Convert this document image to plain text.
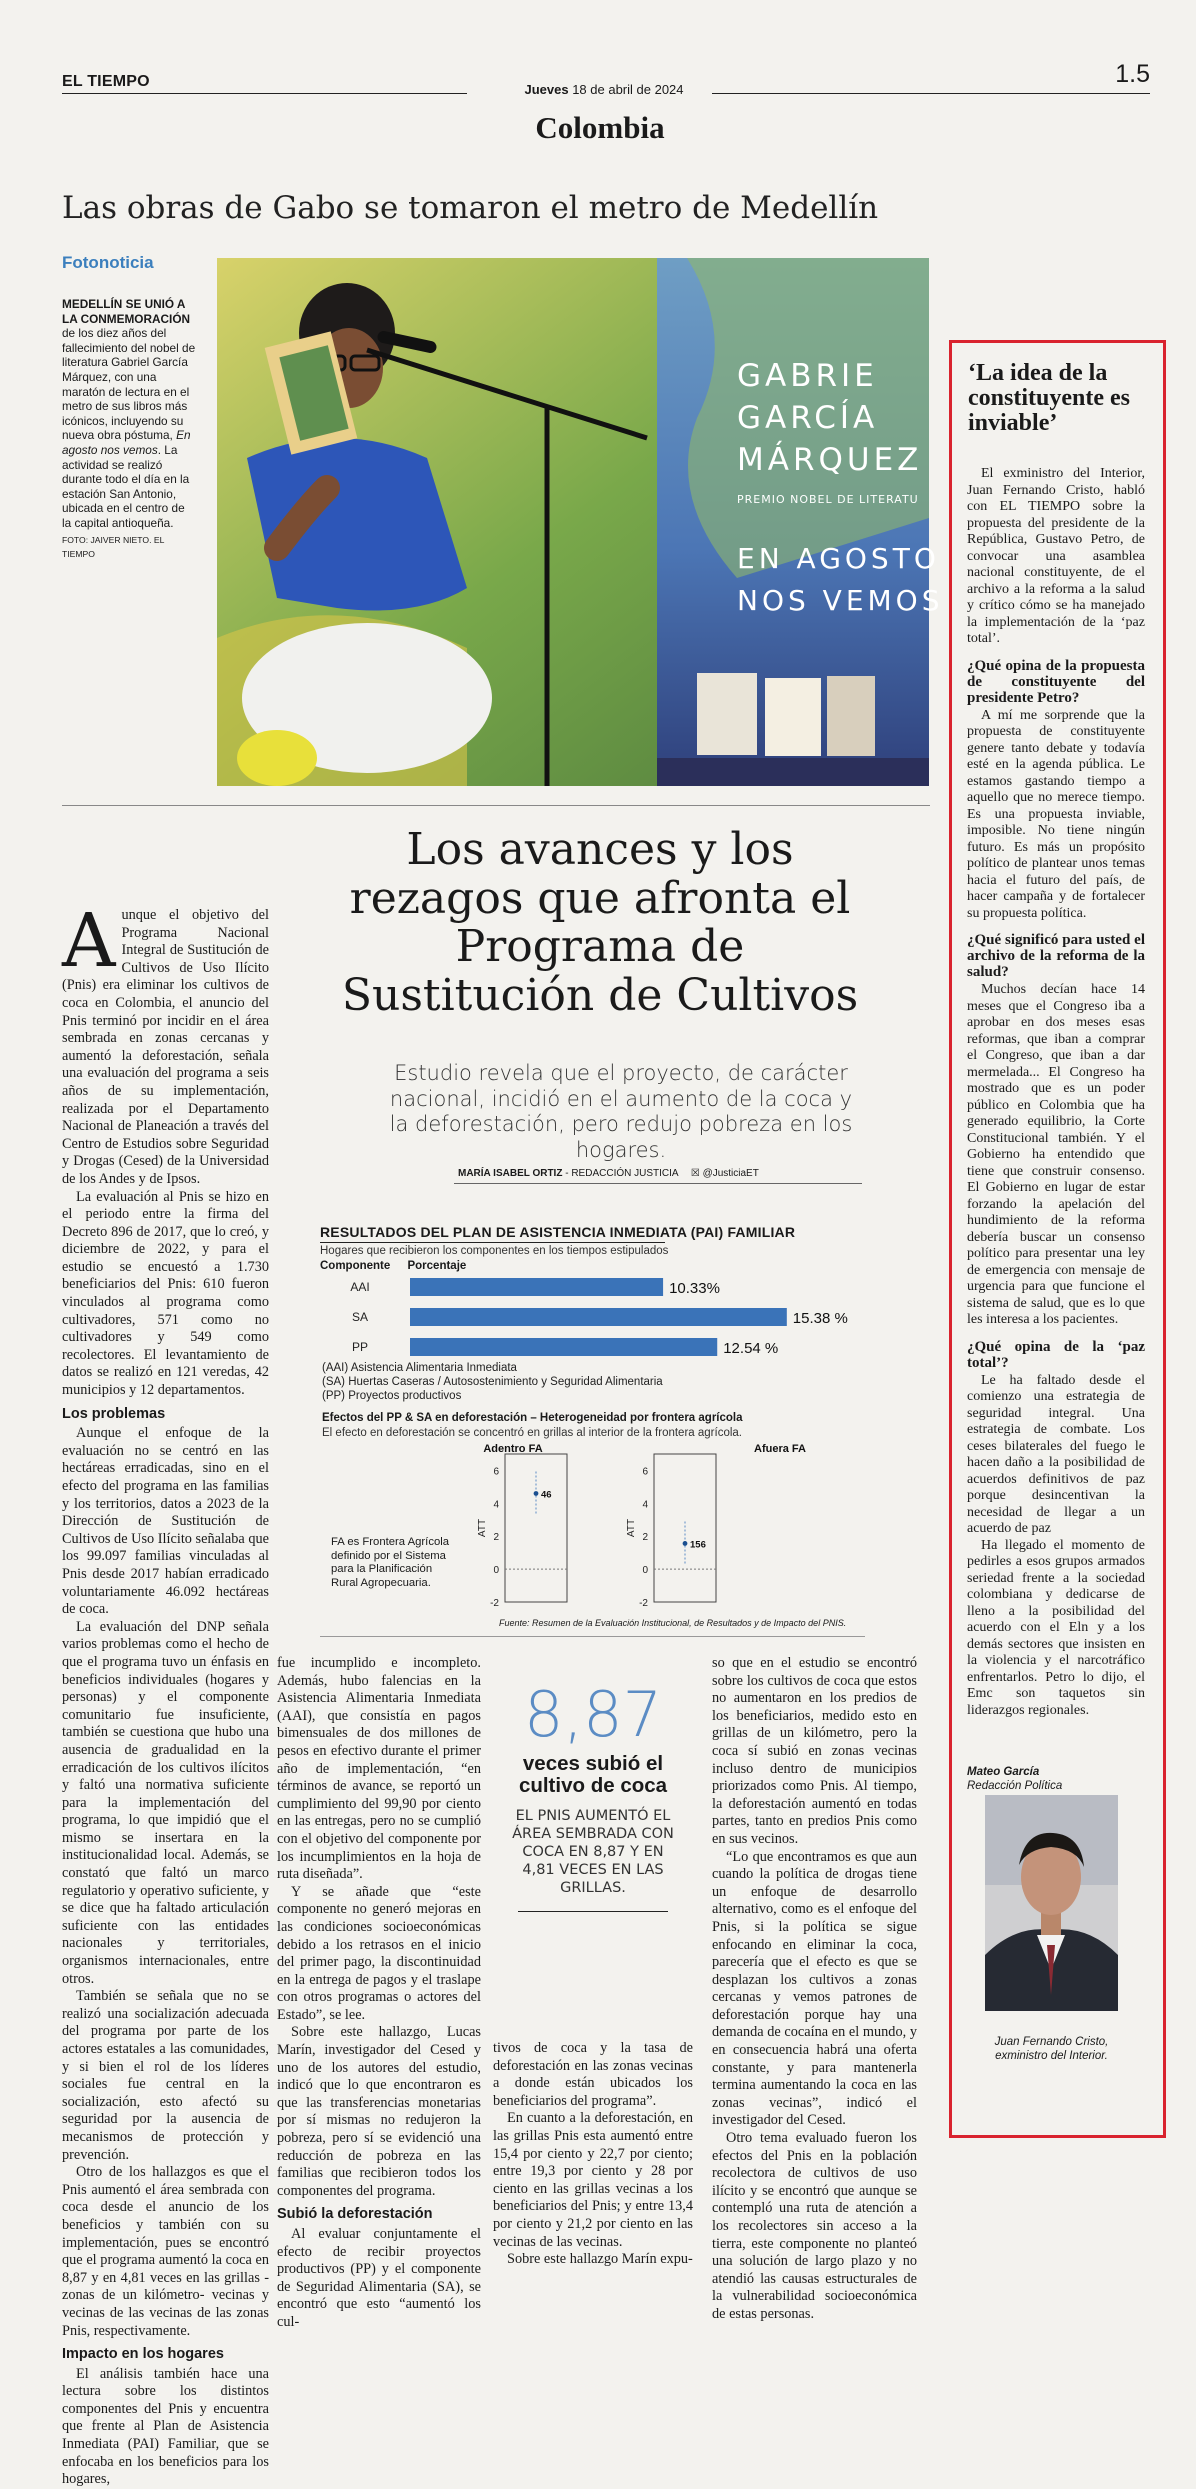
EL TIEMPO	Jueves 18 de abril de 2024
1.5
Colombia
Las obras de Gabo se tomaron el metro de Medellín
Fotonoticia
MEDELLÍN SE UNIÓ A LA CONMEMORACIÓN de los diez años del fallecimiento del nobel de literatura Gabriel García Márquez, con una maratón de lectura en el metro de sus libros más icónicos, incluyendo su nueva obra póstuma, En agosto nos vemos. La actividad se realizó durante todo el día en la estación San Antonio, ubicada en el centro de la capital antioqueña.
FOTO: JAIVER NIETO. EL TIEMPO
GABRIE
GARCÍA
MÁRQUEZ
PREMIO NOBEL DE LITERATU
EN AGOSTO
NOS VEMOS
Los avances y los rezagos que afronta el Programa de Sustitución de Cultivos
Estudio revela que el proyecto, de carácter nacional, incidió en el aumento de la coca y la deforestación, pero redujo pobreza en los hogares.
MARÍA ISABEL ORTIZ - REDACCIÓN JUSTICIA ☒ @JusticiaET

Aunque el objetivo del Programa Nacional Integral de Sustitución de Cultivos de Uso Ilícito (Pnis) era eliminar los cultivos de coca en Colombia, el anuncio del Pnis terminó por incidir en el área sembrada en zonas cercanas y aumentó la deforestación, señala una evaluación del programa a seis años de su implementación, realizada por el Departamento Nacional de Planeación a través del Centro de Estudios sobre Seguridad y Drogas (Cesed) de la Universidad de los Andes y de Ipsos.

La evaluación al Pnis se hizo en el periodo entre la firma del Decreto 896 de 2017, que lo creó, y diciembre de 2022, y para el estudio se encuestó a 1.730 beneficiarios del Pnis: 610 fueron vinculados al programa como cultivadores, 571 como no cultivadores y 549 como recolectores. El levantamiento de datos se realizó en 121 veredas, 42 municipios y 12 departamentos.

Los problemas

Aunque el enfoque de la evaluación no se centró en las hectáreas erradicadas, sino en el efecto del programa en las familias y los territorios, datos a 2023 de la Dirección de Sustitución de Cultivos de Uso Ilícito señalaba que los 99.097 familias vinculadas al Pnis desde 2017 habían erradicado voluntariamente 46.092 hectáreas de coca.

La evaluación del DNP señala varios problemas como el hecho de que el programa tuvo un énfasis en beneficios individuales (hogares y personas) y el componente comunitario fue insuficiente, también se cuestiona que hubo una ausencia de gradualidad en la erradicación de los cultivos ilícitos y faltó una normativa suficiente para la implementación del programa, lo que impidió que el mismo se insertara en la institucionalidad local. Además, se constató que faltó un marco regulatorio y operativo suficiente, y se dice que ha faltado articulación suficiente con las entidades nacionales y territoriales, organismos internacionales, entre otros.

También se señala que no se realizó una socialización adecuada del programa por parte de los actores estatales a las comunidades, y si bien el rol de los líderes sociales fue central en la socialización, esto afectó su seguridad por la ausencia de mecanismos de protección y prevención.

Otro de los hallazgos es que el Pnis aumentó el área sembrada con coca desde el anuncio de los beneficios y también con su implementación, pues se encontró que el programa aumentó la coca en 8,87 y en 4,81 veces en las grillas -zonas de un kilómetro- vecinas y vecinas de las vecinas de las zonas Pnis, respectivamente.

Impacto en los hogares

El análisis también hace una lectura sobre los distintos componentes del Pnis y encuentra que frente al Plan de Asistencia Inmediata (PAI) Familiar, que se enfocaba en los beneficios para los hogares,

RESULTADOS DEL PLAN DE ASISTENCIA INMEDIATA (PAI) FAMILIAR
Hogares que recibieron los componentes en los tiempos estipulados
Componente Porcentaje
AAI	10.33%
SA	15.38 %
PP	12.54 %
(AAI) Asistencia Alimentaria Inmediata
(SA) Huertas Caseras / Autosostenimiento y Seguridad Alimentaria
(PP) Proyectos productivos
Efectos del PP & SA en deforestación – Heterogeneidad por frontera agrícola
El efecto en deforestación se concentró en grillas al interior de la frontera agrícola.
FA es Frontera Agrícola definido por el Sistema para la Planificación Rural Agropecuaria.
-2
0
2
4
6
ATT
46
Adentro FA
-2
0
2
4
6
ATT
156
Afuera FA
Fuente: Resumen de la Evaluación Institucional, de Resultados y de Impacto del PNIS.

fue incumplido e incompleto. Además, hubo falencias en la Asistencia Alimentaria Inmediata (AAI), que consistía en pagos bimensuales de dos millones de pesos en efectivo durante el primer año de implementación, “en términos de avance, se reportó un cumplimiento del 99,90 por ciento en las entregas, pero no se cumplió con el objetivo del componente por los incumplimientos en la hoja de ruta diseñada”.

Y se añade que “este componente no generó mejoras en las condiciones socioeconómicas debido a los retrasos en el inicio del primer pago, la discontinuidad en la entrega de pagos y el traslape con otros programas o actores del Estado”, se lee.

Sobre este hallazgo, Lucas Marín, investigador del Cesed y uno de los autores del estudio, indicó que lo que encontraron es que las transferencias monetarias por sí mismas no redujeron la pobreza, pero sí se evidenció una reducción de pobreza en las familias que recibieron todos los componentes del programa.

Subió la deforestación

Al evaluar conjuntamente el efecto de recibir proyectos productivos (PP) y el componente de Seguridad Alimentaria (SA), se encontró que esto “aumentó los cul-

8,87
veces subió el cultivo de coca
EL PNIS AUMENTÓ EL ÁREA SEMBRADA CON COCA EN 8,87 Y EN 4,81 VECES EN LAS GRILLAS.

tivos de coca y la tasa de deforestación en las zonas vecinas a donde están ubicados los beneficiarios del programa”.

En cuanto a la deforestación, en las grillas Pnis esta aumentó entre 15,4 por ciento y 22,7 por ciento; entre 19,3 por ciento y 28 por ciento en las grillas vecinas a los beneficiarios del Pnis; y entre 13,4 por ciento y 21,2 por ciento en las vecinas de las vecinas.

Sobre este hallazgo Marín expu-

so que en el estudio se encontró sobre los cultivos de coca que estos no aumentaron en los predios de los beneficiarios, medido esto en grillas de un kilómetro, pero la coca sí subió en zonas vecinas incluso dentro de municipios priorizados como Pnis. Al tiempo, la deforestación aumentó en todas partes, tanto en predios Pnis como en sus vecinos.

“Lo que encontramos es que aun cuando la política de drogas tiene un enfoque de desarrollo alternativo, como es el enfoque del Pnis, si la política se sigue enfocando en eliminar la coca, parecería que el efecto es que se desplazan los cultivos a zonas cercanas y vemos patrones de deforestación porque hay una demanda de cocaína en el mundo, y en consecuencia habrá una oferta constante, y para mantenerla termina aumentando la coca en las zonas vecinas”, indicó el investigador del Cesed.

Otro tema evaluado fueron los efectos del Pnis en la población recolectora de cultivos de uso ilícito y se encontró que aunque se contempló una ruta de atención a los recolectores sin acceso a la tierra, este componente no planteó una solución de largo plazo y no atendió las causas estructurales de la vulnerabilidad socioeconómica de estas personas.

‘La idea de la constituyente es inviable’

El exministro del Interior, Juan Fernando Cristo, habló con EL TIEMPO sobre la propuesta del presidente de la República, Gustavo Petro, de convocar una asamblea nacional constituyente, de el archivo a la reforma a la salud y crítico cómo se ha manejado la implementación de la ‘paz total’.

¿Qué opina de la propuesta de constituyente del presidente Petro?

A mí me sorprende que la propuesta de constituyente genere tanto debate y todavía esté en la agenda pública. Le estamos gastando tiempo a aquello que no merece tiempo. Es una propuesta inviable, imposible. No tiene ningún futuro. Es más un propósito político de plantear unos temas hacia el futuro del país, de hacer campaña y de fortalecer su propuesta política.

¿Qué significó para usted el archivo de la reforma de la salud?

Muchos decían hace 14 meses que el Congreso iba a aprobar en dos meses esas reformas, que iban a comprar el Congreso, que iban a dar mermelada... El Congreso ha mostrado que es un poder público en Colombia que ha generado equilibrio, la Corte Constitucional también. Y el Gobierno ha entendido que tiene que construir consenso. El Gobierno en lugar de estar forzando la apelación del hundimiento de la reforma debería buscar un consenso político para presentar una ley de emergencia con mensaje de urgencia para que funcione el sistema de salud, que es lo que les interesa a los pacientes.

¿Qué opina de la ‘paz total’?

Le ha faltado desde el comienzo una estrategia de seguridad integral. Una estrategia de combate. Los ceses bilaterales del fuego le hacen daño a la posibilidad de acuerdos definitivos de paz porque desincentivan la necesidad de llegar a un acuerdo de paz

Ha llegado el momento de pedirles a esos grupos armados seriedad frente a la sociedad colombiana y dedicarse de lleno a la posibilidad del acuerdo con el Eln y a los demás sectores que insisten en la violencia y el narcotráfico enfrentarlos. Petro lo dijo, el Emc son taquetos sin liderazgos regionales.

Mateo García
Redacción Política
Juan Fernando Cristo, exministro del Interior.
